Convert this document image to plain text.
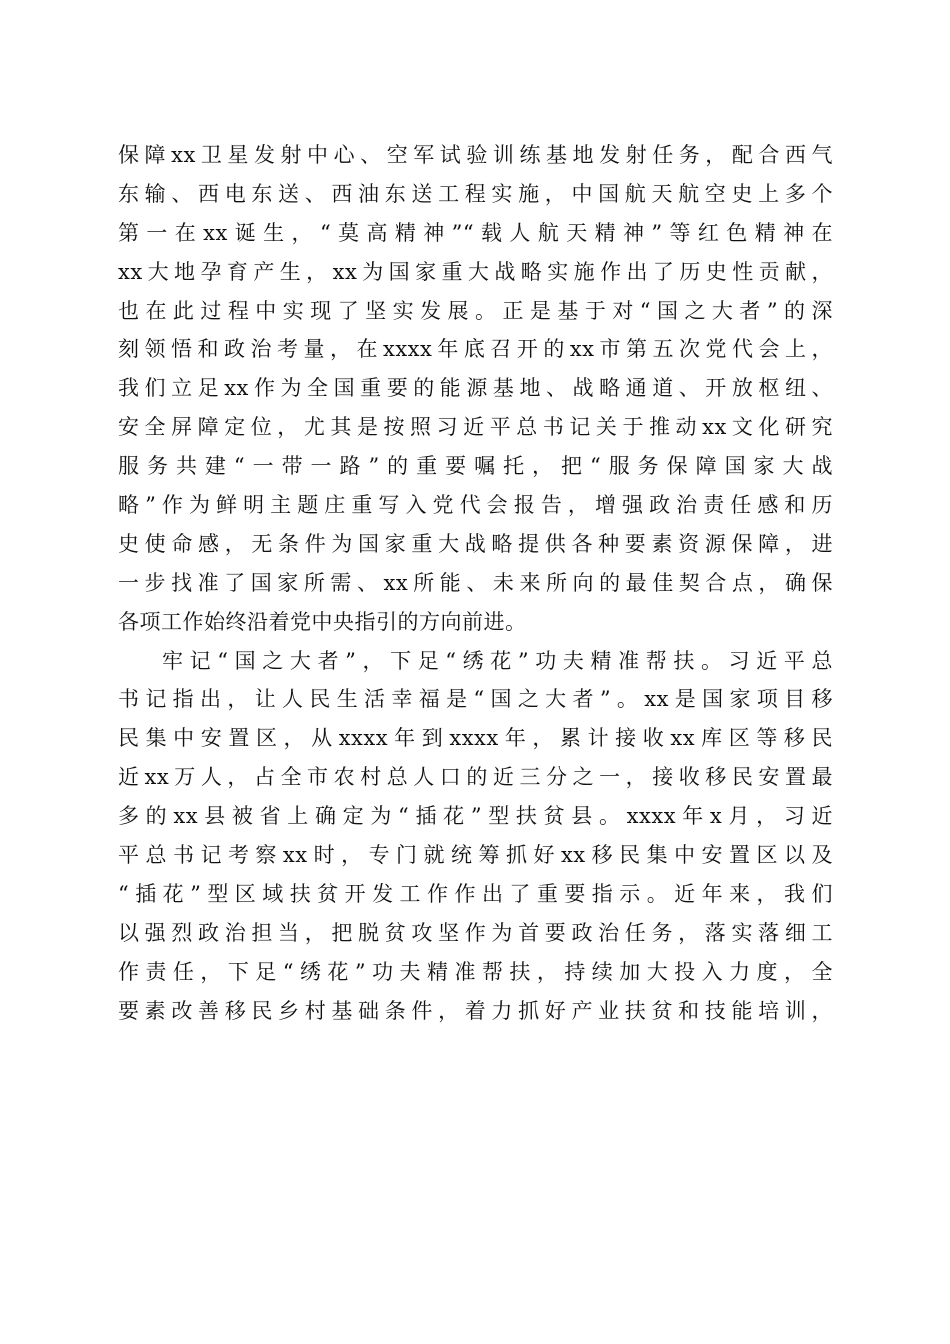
保障xx卫星发射中心、空军试验训练基地发射任务，配合西气
东输、西电东送、西油东送工程实施，中国航天航空史上多个
第一在xx诞生，“莫高精神”“载人航天精神”等红色精神在
xx大地孕育产生，xx为国家重大战略实施作出了历史性贡献，
也在此过程中实现了坚实发展。正是基于对“国之大者”的深
刻领悟和政治考量，在xxxx年底召开的xx市第五次党代会上，
我们立足xx作为全国重要的能源基地、战略通道、开放枢纽、
安全屏障定位，尤其是按照习近平总书记关于推动xx文化研究
服务共建“一带一路”的重要嘱托，把“服务保障国家大战
略”作为鲜明主题庄重写入党代会报告，增强政治责任感和历
史使命感，无条件为国家重大战略提供各种要素资源保障，进
一步找准了国家所需、xx所能、未来所向的最佳契合点，确保
各项工作始终沿着党中央指引的方向前进。
牢记“国之大者”，下足“绣花”功夫精准帮扶。习近平总
书记指出，让人民生活幸福是“国之大者”。xx是国家项目移
民集中安置区，从xxxx年到xxxx年，累计接收xx库区等移民
近xx万人，占全市农村总人口的近三分之一，接收移民安置最
多的xx县被省上确定为“插花”型扶贫县。xxxx年x月，习近
平总书记考察xx时，专门就统筹抓好xx移民集中安置区以及
“插花”型区域扶贫开发工作作出了重要指示。近年来，我们
以强烈政治担当，把脱贫攻坚作为首要政治任务，落实落细工
作责任，下足“绣花”功夫精准帮扶，持续加大投入力度，全
要素改善移民乡村基础条件，着力抓好产业扶贫和技能培训，
